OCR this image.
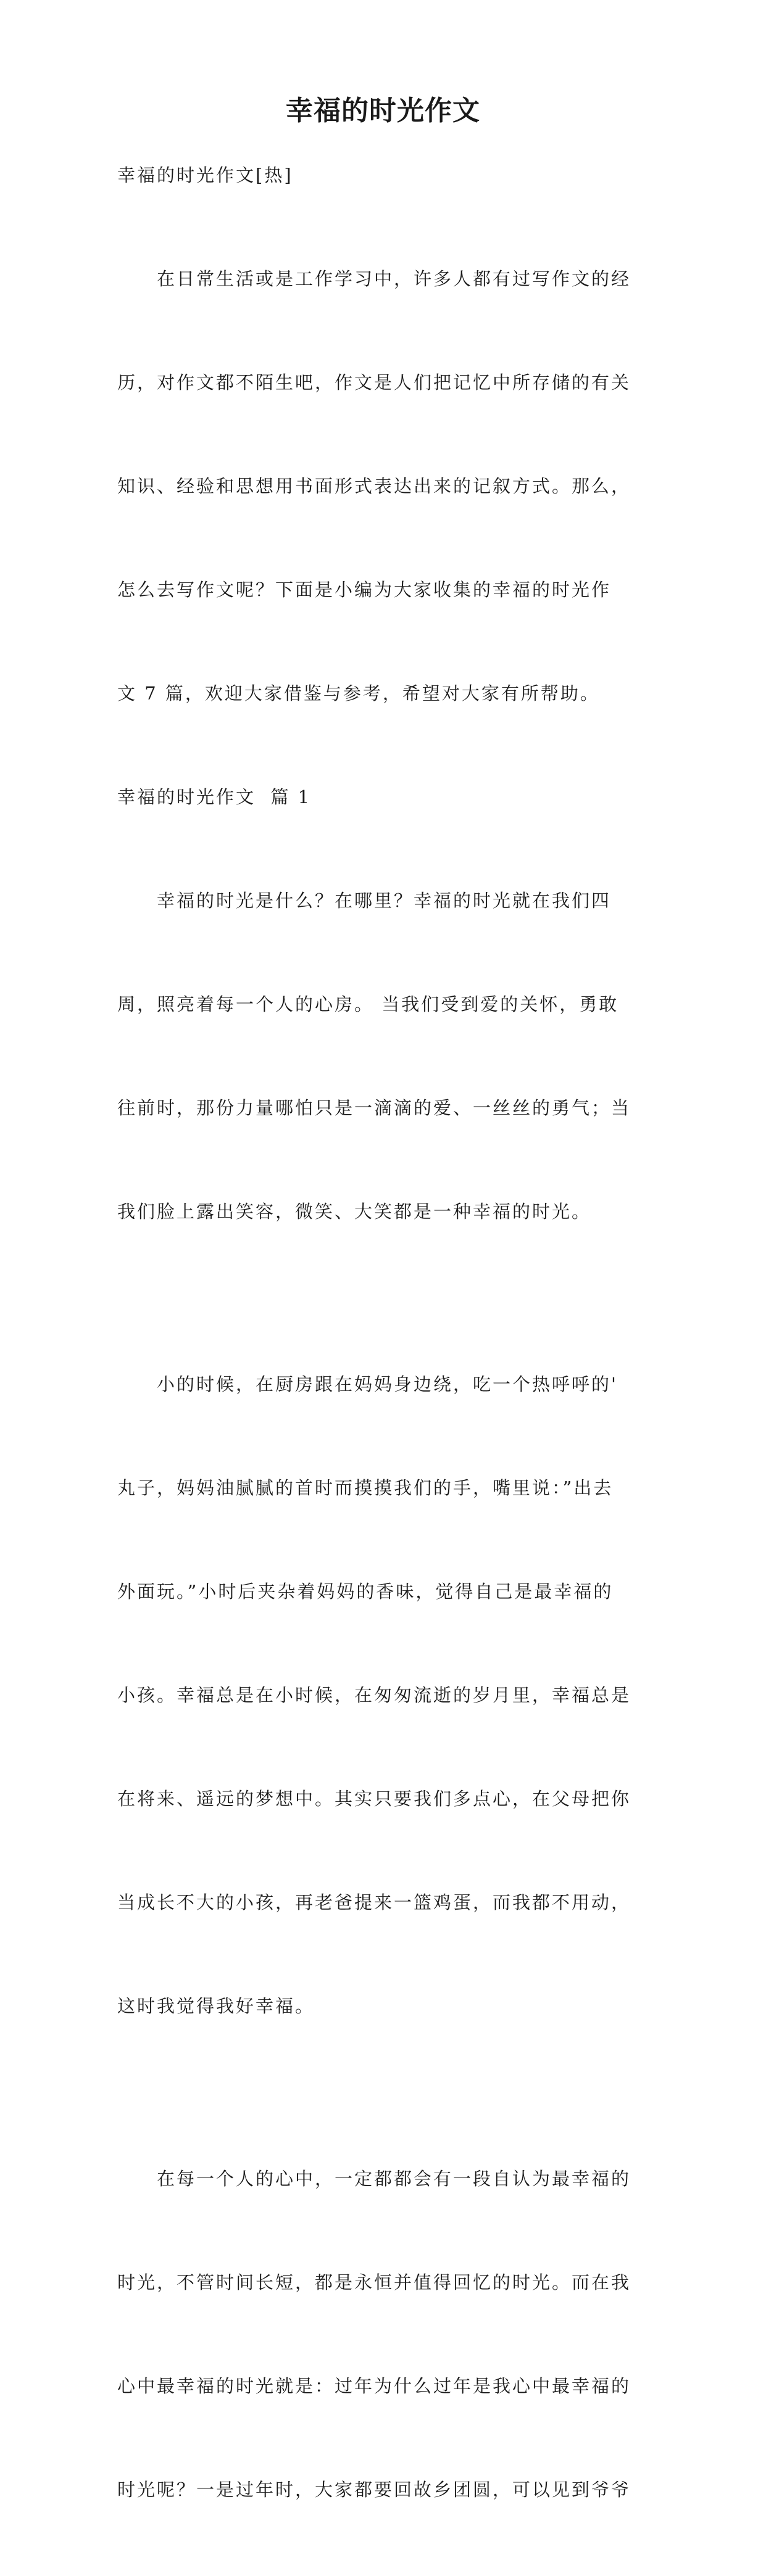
幸福的时光作文
幸福的时光作文[热]

　　在日常生活或是工作学习中，许多人都有过写作文的经

历，对作文都不陌生吧，作文是人们把记忆中所存储的有关

知识、经验和思想用书面形式表达出来的记叙方式。那么，

怎么去写作文呢？下面是小编为大家收集的幸福的时光作

文 7 篇，欢迎大家借鉴与参考，希望对大家有所帮助。

幸福的时光作文  篇 1

　　幸福的时光是什么？在哪里？幸福的时光就在我们四

周，照亮着每一个人的心房。 当我们受到爱的关怀，勇敢

往前时，那份力量哪怕只是一滴滴的爱、一丝丝的勇气；当

我们脸上露出笑容，微笑、大笑都是一种幸福的时光。

　　小的时候，在厨房跟在妈妈身边绕，吃一个热呼呼的'

丸子，妈妈油腻腻的首时而摸摸我们的手，嘴里说：”出去

外面玩。”小时后夹杂着妈妈的香味，觉得自己是最幸福的

小孩。幸福总是在小时候，在匆匆流逝的岁月里，幸福总是

在将来、遥远的梦想中。其实只要我们多点心，在父母把你

当成长不大的小孩，再老爸提来一篮鸡蛋，而我都不用动，

这时我觉得我好幸福。

　　在每一个人的心中，一定都都会有一段自认为最幸福的

时光，不管时间长短，都是永恒并值得回忆的时光。而在我

心中最幸福的时光就是：过年为什么过年是我心中最幸福的

时光呢？一是过年时，大家都要回故乡团圆，可以见到爷爷
